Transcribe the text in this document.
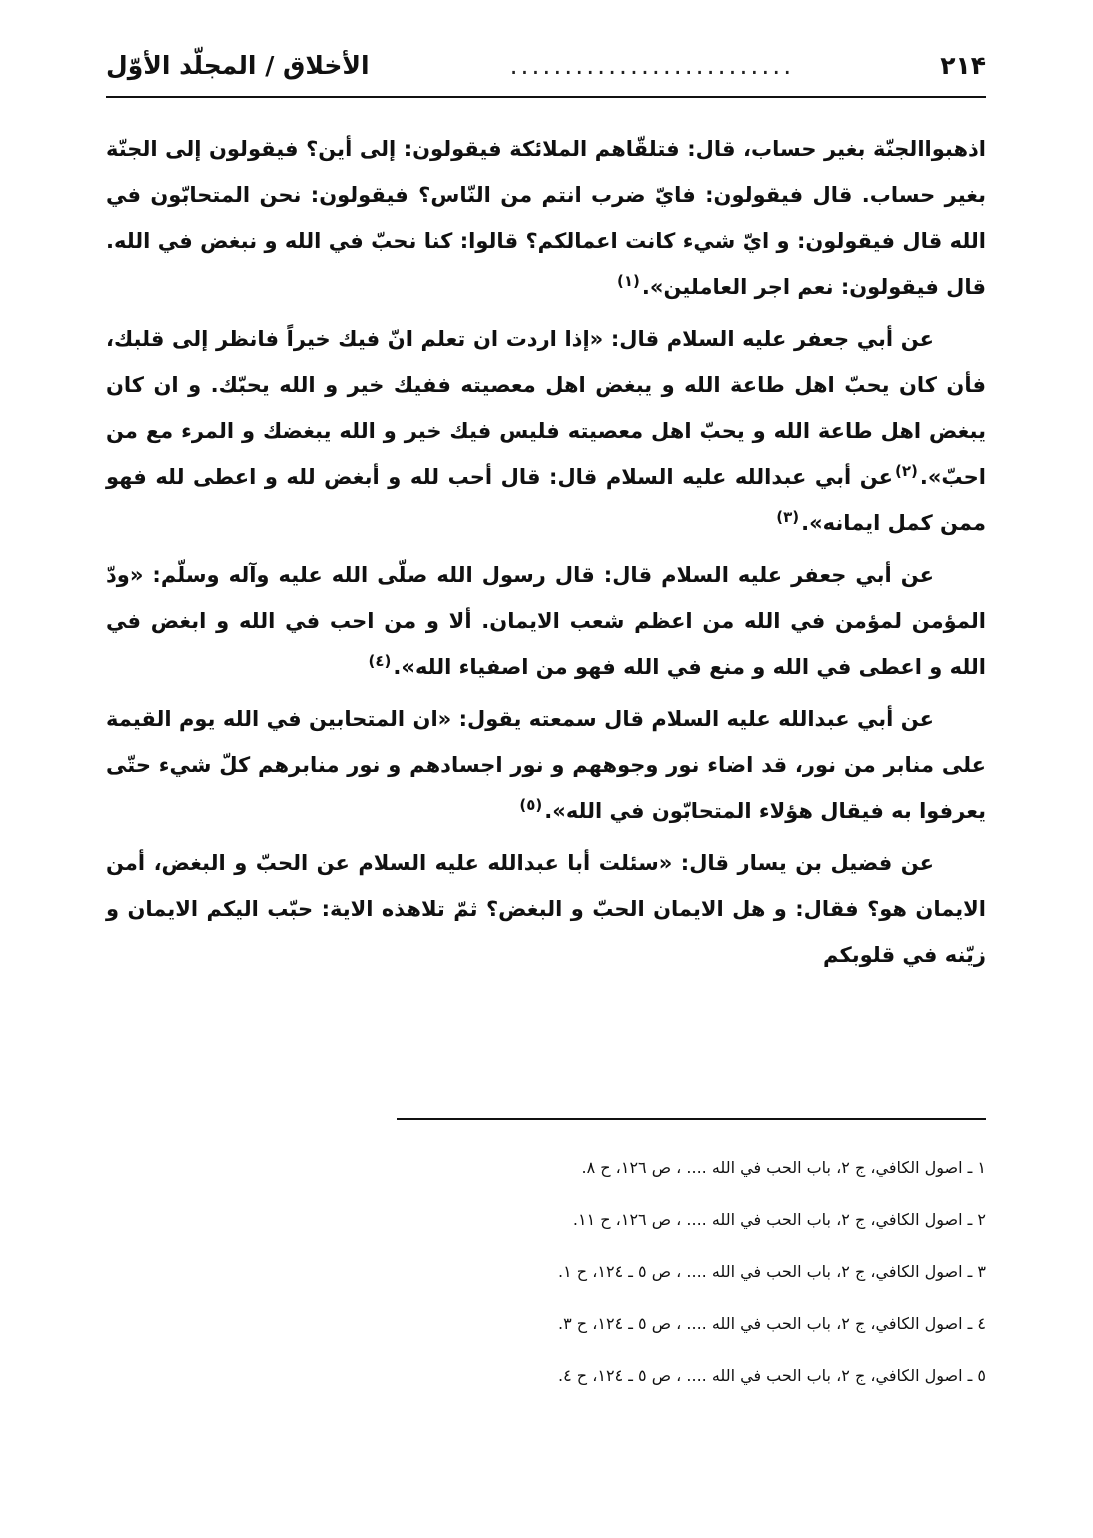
٢١۴
..........................
الأخلاق / المجلّد الأوّل

اذهبواالجنّة بغير حساب، قال: فتلقّاهم الملائكة فيقولون: إلى أين؟ فيقولون إلى الجنّة بغير حساب. قال فيقولون: فايّ ضرب انتم من النّاس؟ فيقولون: نحن المتحابّون في الله قال فيقولون: و ايّ شيء كانت اعمالكم؟ قالوا: كنا نحبّ في الله و نبغض في الله. قال فيقولون: نعم اجر العاملين».$^{(١)}$

عن أبي جعفر عليه السلام قال: «إذا اردت ان تعلم انّ فيك خيراً فانظر إلى قلبك، فأن كان يحبّ اهل طاعة الله و يبغض اهل معصيته ففيك خير و الله يحبّك. و ان كان يبغض اهل طاعة الله و يحبّ اهل معصيته فليس فيك خير و الله يبغضك و المرء مع من احبّ».$^{(٢)}$عن أبي عبدالله عليه السلام قال: قال أحب لله و أبغض لله و اعطى لله فهو ممن كمل ايمانه».$^{(٣)}$

عن أبي جعفر عليه السلام قال: قال رسول الله صلّى الله عليه وآله وسلّم: «ودّ المؤمن لمؤمن في الله من اعظم شعب الايمان. ألا و من احب في الله و ابغض في الله و اعطى في الله و منع في الله فهو من اصفياء الله».$^{(٤)}$

عن أبي عبدالله عليه السلام قال سمعته يقول: «ان المتحابين في الله يوم القيمة على منابر من نور، قد اضاء نور وجوههم و نور اجسادهم و نور منابرهم كلّ شيء حتّى يعرفوا به فيقال هؤلاء المتحابّون في الله».$^{(٥)}$

عن فضيل بن يسار قال: «سئلت أبا عبدالله عليه السلام عن الحبّ و البغض، أمن الايمان هو؟ فقال: و هل الايمان الحبّ و البغض؟ ثمّ تلاهذه الاية: حبّب اليكم الايمان و زيّنه في قلوبكم

١ ـ اصول الكافي، ج ٢، باب الحب في الله .... ، ص ١٢٦، ح ٨.
٢ ـ اصول الكافي، ج ٢، باب الحب في الله .... ، ص ١٢٦، ح ١١.
٣ ـ اصول الكافي، ج ٢، باب الحب في الله .... ، ص ٥ ـ ١٢٤، ح ١.
٤ ـ اصول الكافي، ج ٢، باب الحب في الله .... ، ص ٥ ـ ١٢٤، ح ٣.
٥ ـ اصول الكافي، ج ٢، باب الحب في الله .... ، ص ٥ ـ ١٢٤، ح ٤.
